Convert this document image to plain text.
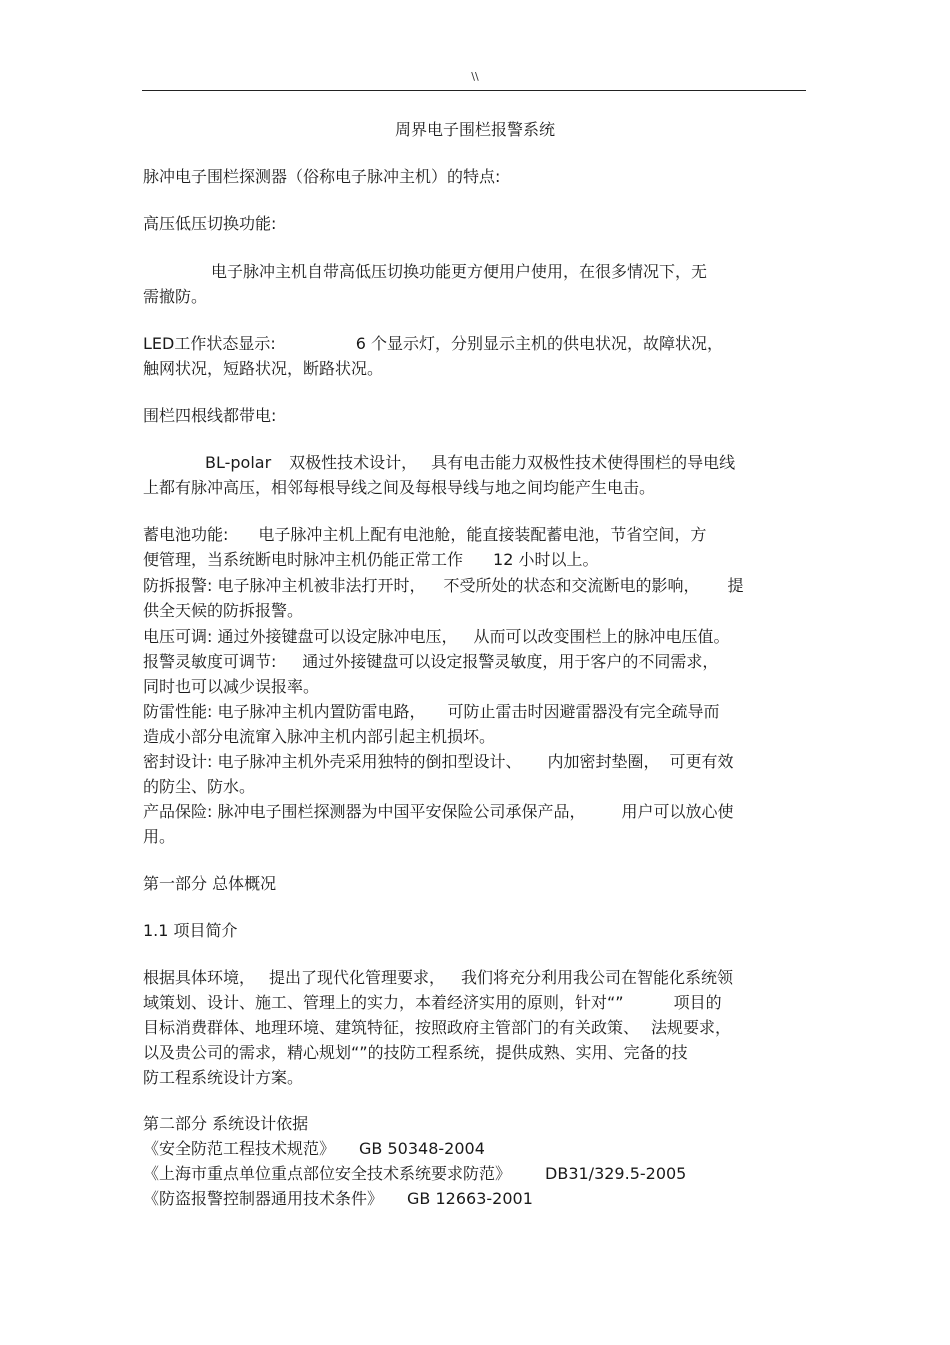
\\
周界电子围栏报警系统
脉冲电子围栏探测器（俗称电子脉冲主机）的特点:
高压低压切换功能:
电子脉冲主机自带高低压切换功能更方便用户使用，在很多情况下，无
需撤防。
LED工作状态显示:	6 个显示灯，分别显示主机的供电状况，故障状况，
触网状况，短路状况，断路状况。
围栏四根线都带电:
BL-polar 双极性技术设计， 具有电击能力双极性技术使得围栏的导电线
上都有脉冲高压，相邻每根导线之间及每根导线与地之间均能产生电击。
蓄电池功能: 电子脉冲主机上配有电池舱，能直接装配蓄电池，节省空间，方
便管理，当系统断电时脉冲主机仍能正常工作 12 小时以上。
防拆报警: 电子脉冲主机被非法打开时， 不受所处的状态和交流断电的影响， 提
供全天候的防拆报警。
电压可调: 通过外接键盘可以设定脉冲电压， 从而可以改变围栏上的脉冲电压值。
报警灵敏度可调节: 通过外接键盘可以设定报警灵敏度，用于客户的不同需求，
同时也可以减少误报率。
防雷性能: 电子脉冲主机内置防雷电路， 可防止雷击时因避雷器没有完全疏导而
造成小部分电流窜入脉冲主机内部引起主机损坏。
密封设计: 电子脉冲主机外壳采用独特的倒扣型设计、 内加密封垫圈， 可更有效
的防尘、防水。
产品保险: 脉冲电子围栏探测器为中国平安保险公司承保产品， 用户可以放心使
用。
第一部分 总体概况
1.1 项目简介
根据具体环境， 提出了现代化管理要求， 我们将充分利用我公司在智能化系统领
域策划、设计、施工、管理上的实力，本着经济实用的原则，针对“”	项目的
目标消费群体、地理环境、建筑特征，按照政府主管部门的有关政策、 法规要求，
以及贵公司的需求，精心规划“”的技防工程系统，提供成熟、实用、完备的技
防工程系统设计方案。
第二部分 系统设计依据
《安全防范工程技术规范》 GB 50348-2004
《上海市重点单位重点部位安全技术系统要求防范》 DB31/329.5-2005
《防盗报警控制器通用技术条件》 GB 12663-2001
